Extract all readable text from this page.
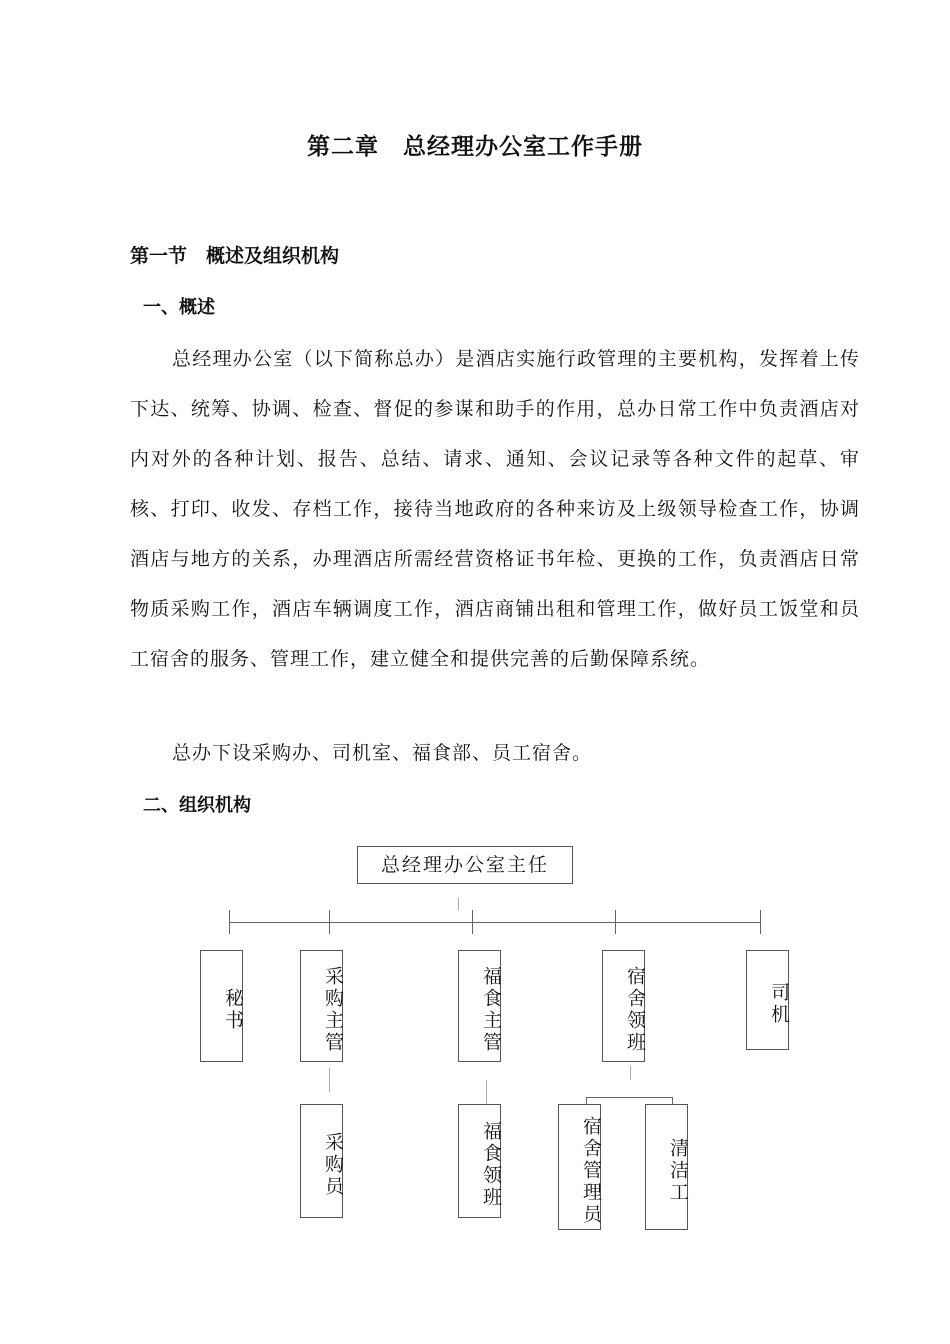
第二章　总经理办公室工作手册
第一节　概述及组织机构
一、概述

总经理办公室（以下简称总办）是酒店实施行政管理的主要机构，发挥着上传下达、统筹、协调、检查、督促的参谋和助手的作用，总办日常工作中负责酒店对内对外的各种计划、报告、总结、请求、通知、会议记录等各种文件的起草、审核、打印、收发、存档工作，接待当地政府的各种来访及上级领导检查工作，协调酒店与地方的关系，办理酒店所需经营资格证书年检、更换的工作，负责酒店日常物质采购工作，酒店车辆调度工作，酒店商铺出租和管理工作，做好员工饭堂和员工宿舍的服务、管理工作，建立健全和提供完善的后勤保障系统。

总办下设采购办、司机室、福食部、员工宿舍。

二、组织机构
总经理办公室主任
秘书	采购主管	福食主管	宿舍领班	司机
采购员	福食领班	宿舍管理员	清洁工
